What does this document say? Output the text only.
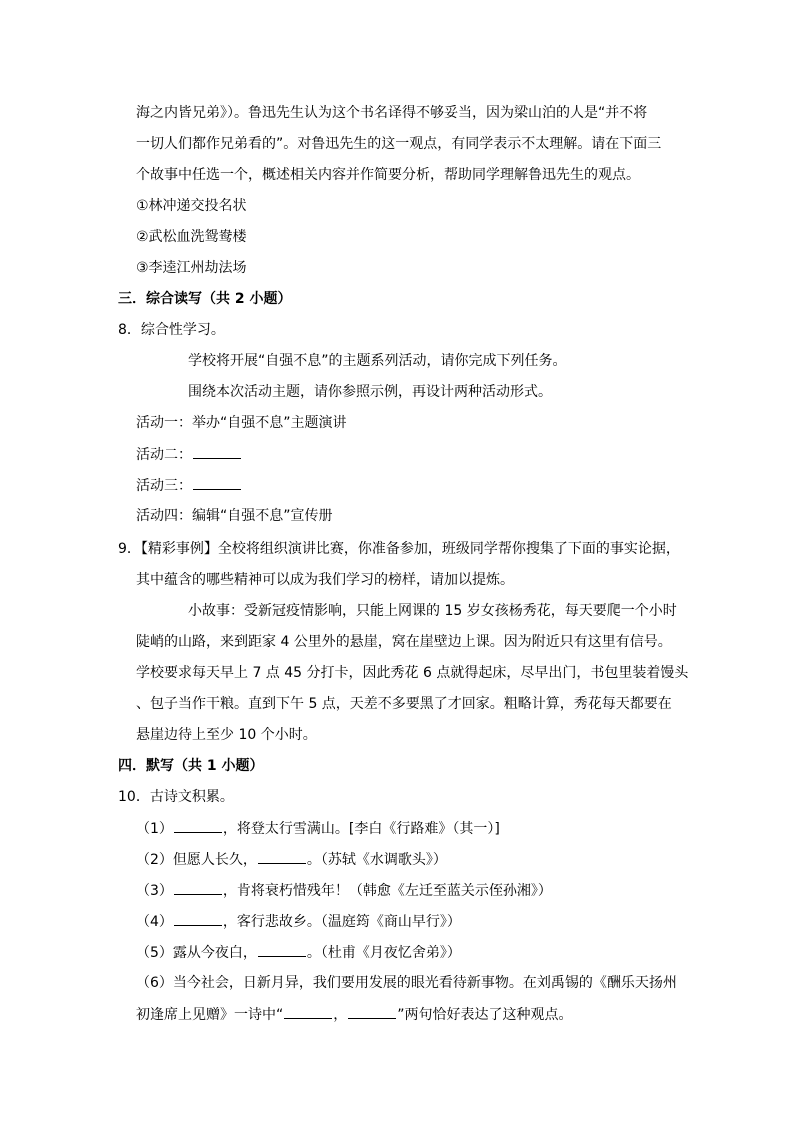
海之内皆兄弟》）。鲁迅先生认为这个书名译得不够妥当，因为梁山泊的人是“并不将
一切人们都作兄弟看的”。对鲁迅先生的这一观点，有同学表示不太理解。请在下面三
个故事中任选一个，概述相关内容并作简要分析，帮助同学理解鲁迅先生的观点。
①林冲递交投名状
②武松血洗鸳鸯楼
③李逵江州劫法场
三．综合读写（共 2 小题）
8．综合性学习。
学校将开展“自强不息”的主题系列活动，请你完成下列任务。
围绕本次活动主题，请你参照示例，再设计两种活动形式。
活动一：举办“自强不息”主题演讲
活动二：
活动三：
活动四：编辑“自强不息”宣传册
9．【精彩事例】全校将组织演讲比赛，你准备参加，班级同学帮你搜集了下面的事实论据，
其中蕴含的哪些精神可以成为我们学习的榜样，请加以提炼。
小故事：受新冠疫情影响，只能上网课的 15 岁女孩杨秀花，每天要爬一个小时
陡峭的山路，来到距家 4 公里外的悬崖，窝在崖壁边上课。因为附近只有这里有信号。
学校要求每天早上 7 点 45 分打卡，因此秀花 6 点就得起床，尽早出门，书包里装着馒头
、包子当作干粮。直到下午 5 点，天差不多要黑了才回家。粗略计算，秀花每天都要在
悬崖边待上至少 10 个小时。
四．默写（共 1 小题）
10．古诗文积累。
（1）	，将登太行雪满山。[李白《行路难》（其一）]
（2）但愿人长久，	。（苏轼《水调歌头》）
（3）	，肯将衰朽惜残年！（韩愈《左迁至蓝关示侄孙湘》）
（4）	，客行悲故乡。（温庭筠《商山早行》）
（5）露从今夜白，	。（杜甫《月夜忆舍弟》）
（6）当今社会，日新月异，我们要用发展的眼光看待新事物。在刘禹锡的《酬乐天扬州
初逢席上见赠》一诗中“	，	”两句恰好表达了这种观点。
